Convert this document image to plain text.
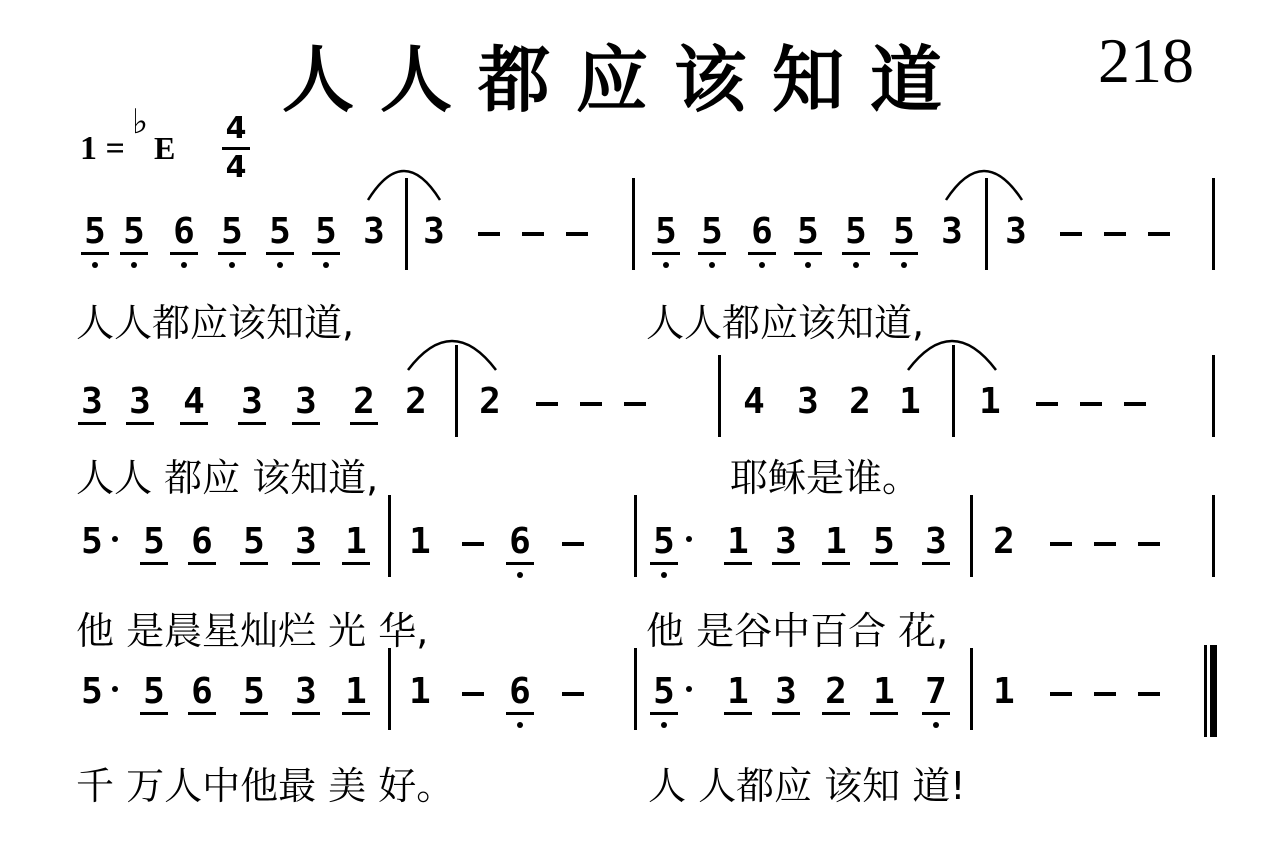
人人都应该知道 218
1 =
♭
E
4
4
5 5 6 5 5 5 3 3	5 5 6 5 5 5 3 3
3 3 4 3 3 2 2 2	4 3 2 1 1
5 5 6 5 3 1 1 6	5 1 3 1 5 3 2
5 5 6 5 3 1 1 6	5 1 3 2 1 7 1
人人都应该知道,	人人都应该知道,
人人 都应 该知道,	耶稣是谁。
他 是晨星灿烂 光 华,	他 是谷中百合 花,
千 万人中他最 美 好。	人 人都应 该知 道!
